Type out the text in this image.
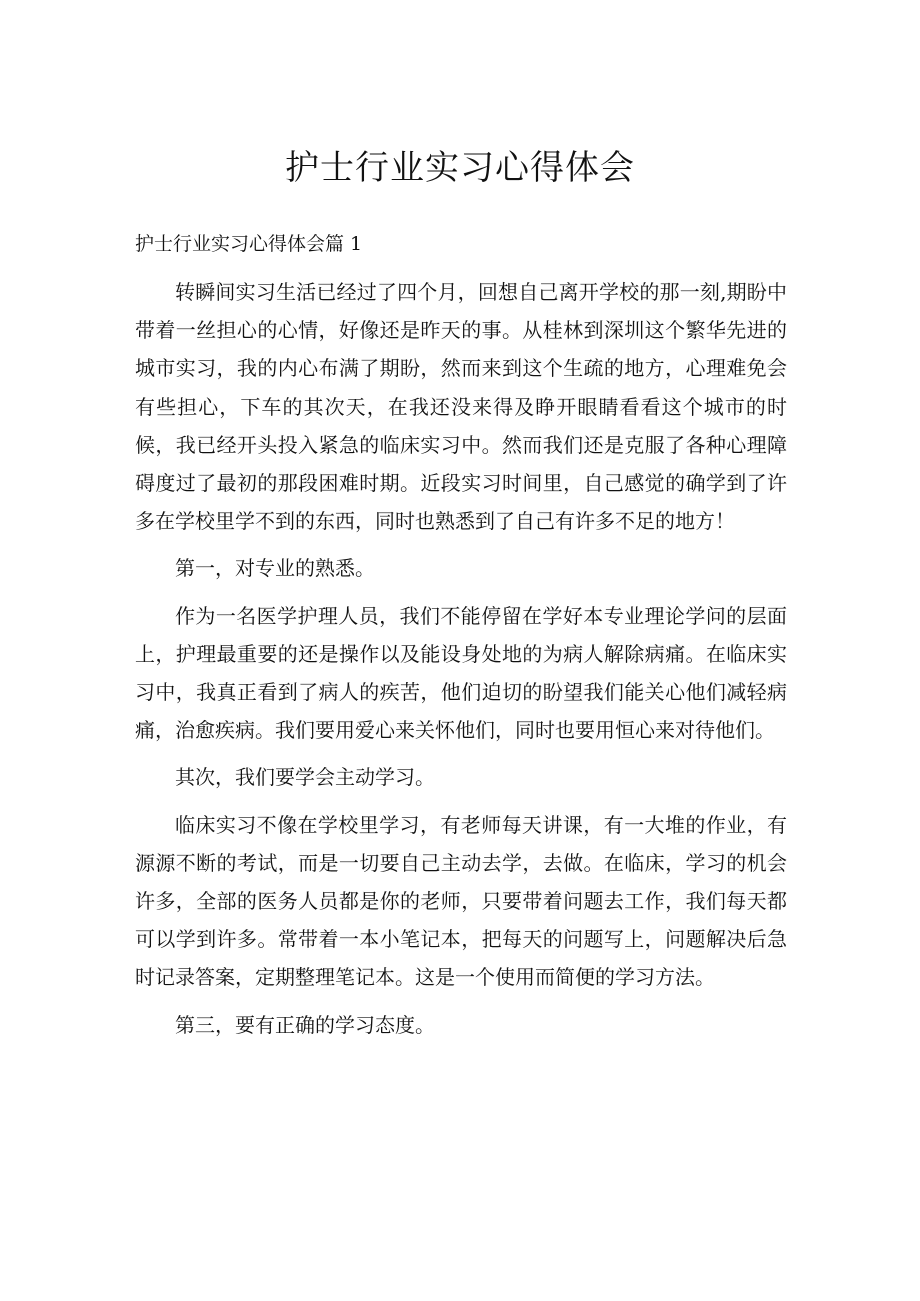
护士行业实习心得体会
护士行业实习心得体会篇 1

转瞬间实习生活已经过了四个月，回想自己离开学校的那一刻,期盼中带着一丝担心的心情，好像还是昨天的事。从桂林到深圳这个繁华先进的城市实习，我的内心布满了期盼，然而来到这个生疏的地方，心理难免会有些担心，下车的其次天，在我还没来得及睁开眼睛看看这个城市的时候，我已经开头投入紧急的临床实习中。然而我们还是克服了各种心理障碍度过了最初的那段困难时期。近段实习时间里，自己感觉的确学到了许多在学校里学不到的东西，同时也熟悉到了自己有许多不足的地方！

第一，对专业的熟悉。

作为一名医学护理人员，我们不能停留在学好本专业理论学问的层面上，护理最重要的还是操作以及能设身处地的为病人解除病痛。在临床实习中，我真正看到了病人的疾苦，他们迫切的盼望我们能关心他们减轻病痛，治愈疾病。我们要用爱心来关怀他们，同时也要用恒心来对待他们。

其次，我们要学会主动学习。

临床实习不像在学校里学习，有老师每天讲课，有一大堆的作业，有源源不断的考试，而是一切要自己主动去学，去做。在临床，学习的机会许多，全部的医务人员都是你的老师，只要带着问题去工作，我们每天都可以学到许多。常带着一本小笔记本，把每天的问题写上，问题解决后急时记录答案，定期整理笔记本。这是一个使用而简便的学习方法。

第三，要有正确的学习态度。
